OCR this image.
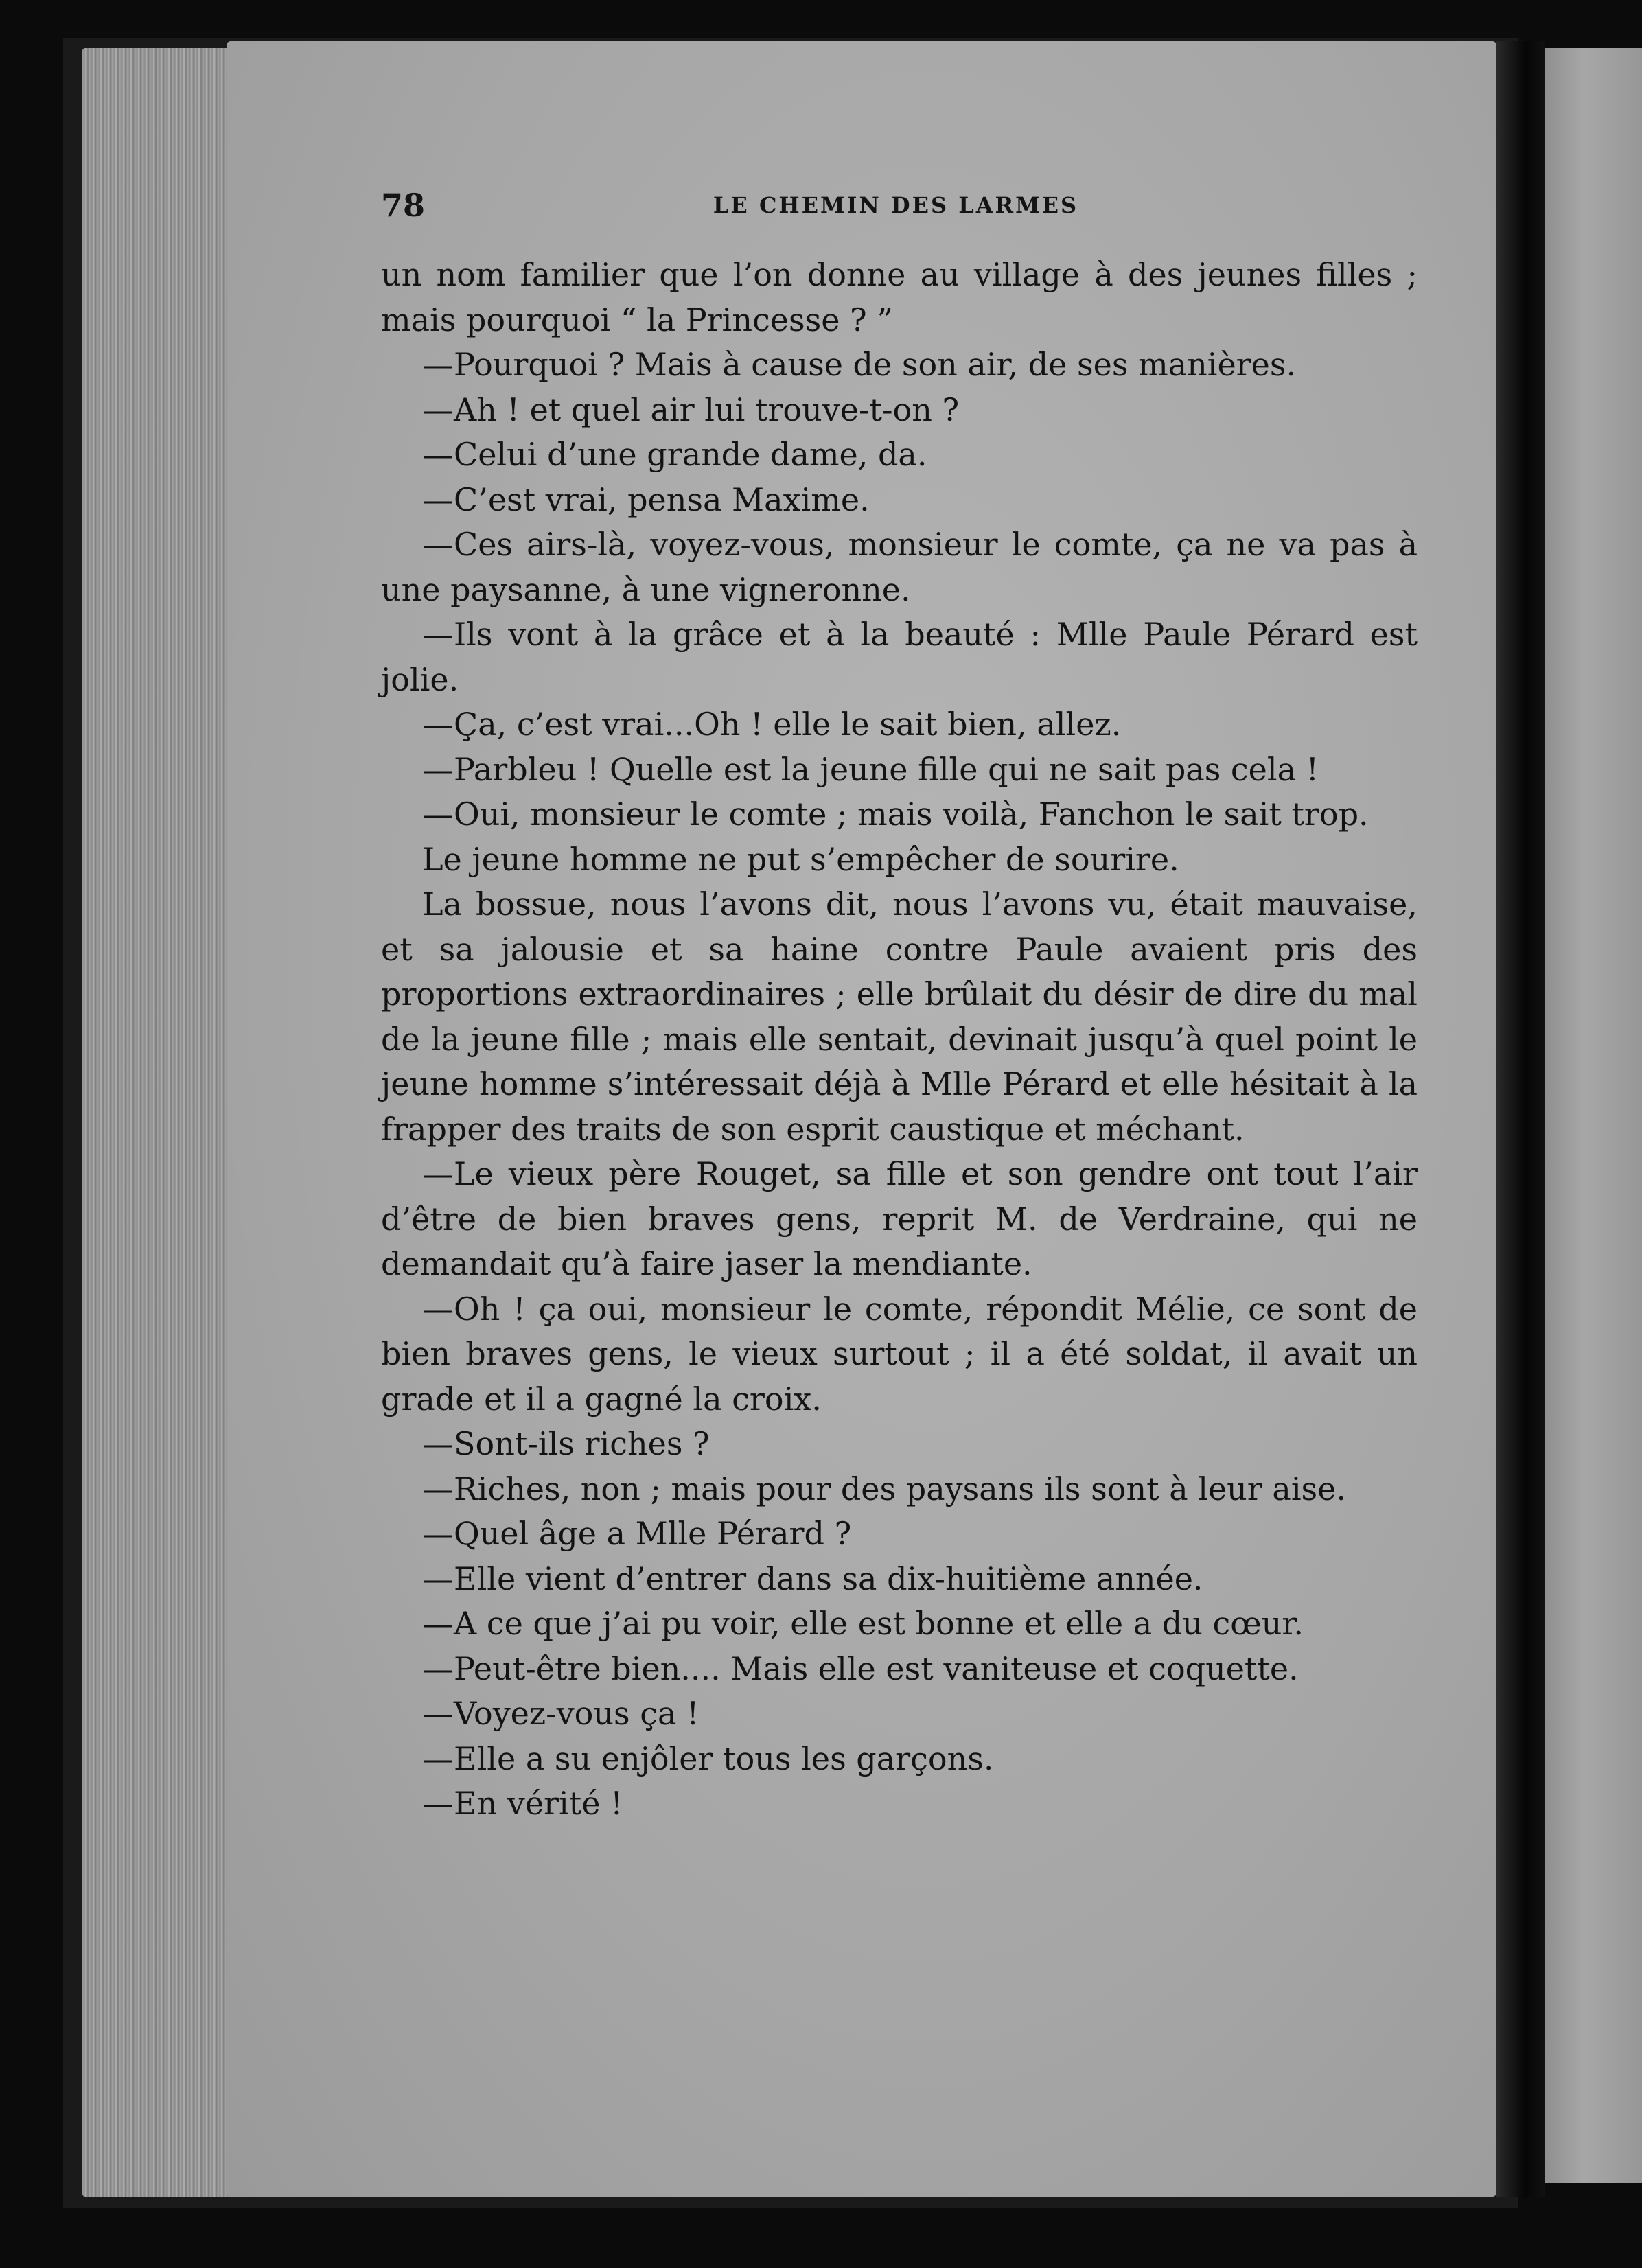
78	LE CHEMIN DES LARMES

un nom familier que l’on donne au village à des jeunes filles ; mais pourquoi “ la Princesse ? ”

—Pourquoi ? Mais à cause de son air, de ses manières.

—Ah ! et quel air lui trouve-t-on ?

—Celui d’une grande dame, da.

—C’est vrai, pensa Maxime.

—Ces airs-là, voyez-vous, monsieur le comte, ça ne va pas à une paysanne, à une vigneronne.

—Ils vont à la grâce et à la beauté : Mlle Paule Pérard est jolie.

—Ça, c’est vrai...Oh ! elle le sait bien, allez.

—Parbleu ! Quelle est la jeune fille qui ne sait pas cela !

—Oui, monsieur le comte ; mais voilà, Fanchon le sait trop.

Le jeune homme ne put s’empêcher de sourire.

La bossue, nous l’avons dit, nous l’avons vu, était mauvaise, et sa jalousie et sa haine contre Paule avaient pris des proportions extraordinaires ; elle brûlait du désir de dire du mal de la jeune fille ; mais elle sentait, devinait jusqu’à quel point le jeune homme s’intéressait déjà à Mlle Pérard et elle hésitait à la frapper des traits de son esprit caustique et méchant.

—Le vieux père Rouget, sa fille et son gendre ont tout l’air d’être de bien braves gens, reprit M. de Verdraine, qui ne demandait qu’à faire jaser la mendiante.

—Oh ! ça oui, monsieur le comte, répondit Mélie, ce sont de bien braves gens, le vieux surtout ; il a été soldat, il avait un grade et il a gagné la croix.

—Sont-ils riches ?

—Riches, non ; mais pour des paysans ils sont à leur aise.

—Quel âge a Mlle Pérard ?

—Elle vient d’entrer dans sa dix-huitième année.

—A ce que j’ai pu voir, elle est bonne et elle a du cœur.

—Peut-être bien.... Mais elle est vaniteuse et coquette.

—Voyez-vous ça !

—Elle a su enjôler tous les garçons.

—En vérité !
